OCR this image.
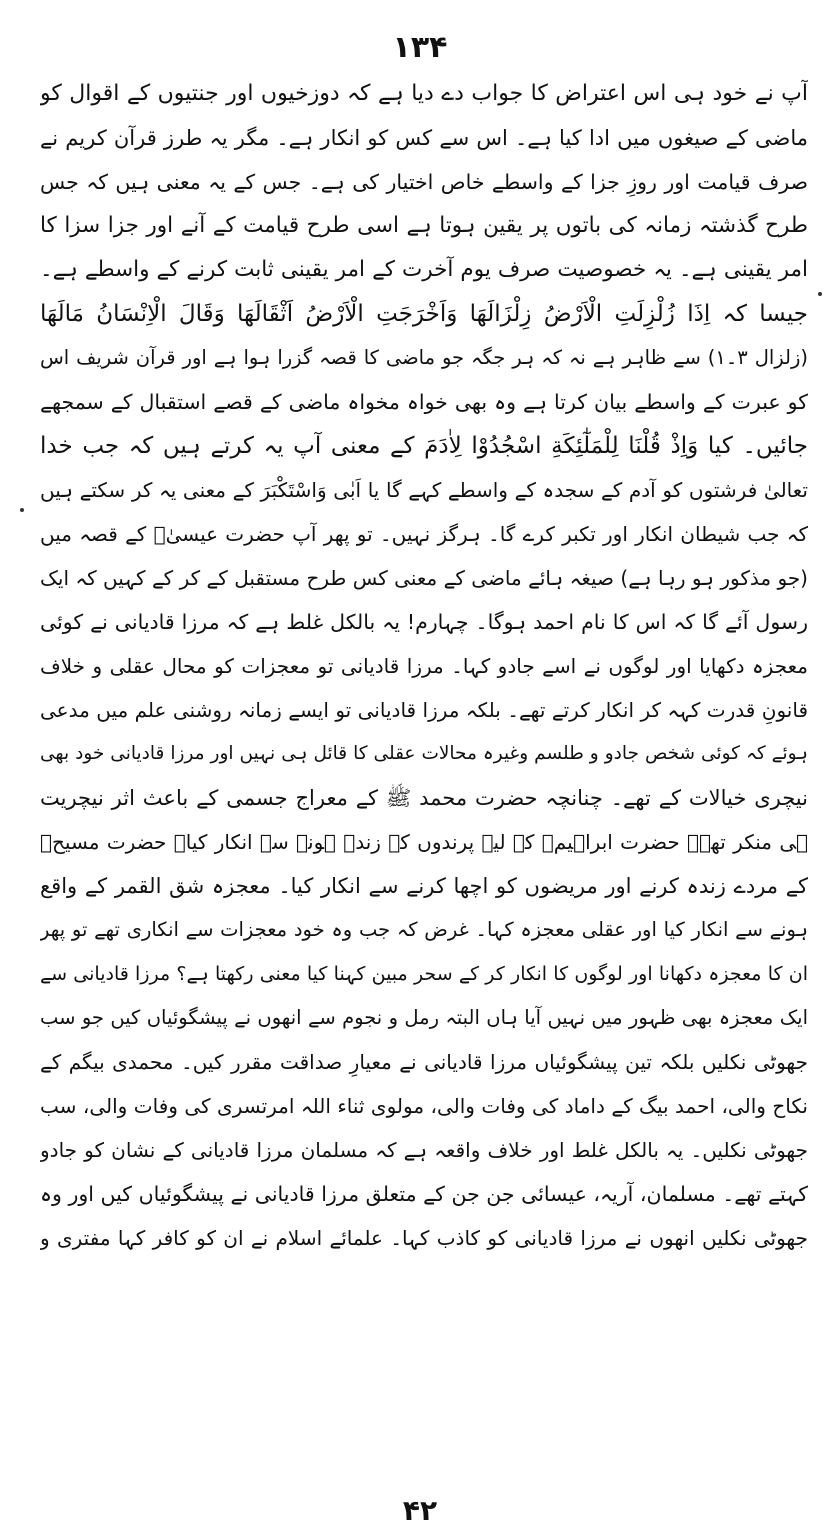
۱۳۴
آپ نے خود ہی اس اعتراض کا جواب دے دیا ہے کہ دوزخیوں اور جنتیوں کے اقوال کو
ماضی کے صیغوں میں ادا کیا ہے۔ اس سے کس کو انکار ہے۔ مگر یہ طرز قرآن کریم نے
صرف قیامت اور روزِ جزا کے واسطے خاص اختیار کی ہے۔ جس کے یہ معنی ہیں کہ جس
طرح گذشتہ زمانہ کی باتوں پر یقین ہوتا ہے اسی طرح قیامت کے آنے اور جزا سزا کا
امر یقینی ہے۔ یہ خصوصیت صرف یوم آخرت کے امر یقینی ثابت کرنے کے واسطے ہے۔
جیسا کہ اِذَا زُلْزِلَتِ الْاَرْضُ زِلْزَالَهَا وَاَخْرَجَتِ الْاَرْضُ اَثْقَالَهَا وَقَالَ الْاِنْسَانُ مَالَهَا
(زلزال ۳۔۱) سے ظاہر ہے نہ کہ ہر جگہ جو ماضی کا قصہ گزرا ہوا ہے اور قرآن شریف اس
کو عبرت کے واسطے بیان کرتا ہے وہ بھی خواہ مخواہ ماضی کے قصے استقبال کے سمجھے
جائیں۔ کیا وَاِذْ قُلْنَا لِلْمَلٰٓئِكَةِ اسْجُدُوْا لِاٰدَمَ کے معنی آپ یہ کرتے ہیں کہ جب خدا
تعالیٰ فرشتوں کو آدم کے سجدہ کے واسطے کہے گا یا اَبٰی وَاسْتَكْبَرَ کے معنی یہ کر سکتے ہیں
کہ جب شیطان انکار اور تکبر کرے گا۔ ہرگز نہیں۔ تو پھر آپ حضرت عیسیٰؑ کے قصہ میں
(جو مذکور ہو رہا ہے) صیغہ ہائے ماضی کے معنی کس طرح مستقبل کے کر کے کہیں کہ ایک
رسول آئے گا کہ اس کا نام احمد ہوگا۔ چہارم! یہ بالکل غلط ہے کہ مرزا قادیانی نے کوئی
معجزہ دکھایا اور لوگوں نے اسے جادو کہا۔ مرزا قادیانی تو معجزات کو محال عقلی و خلاف
قانونِ قدرت کہہ کر انکار کرتے تھے۔ بلکہ مرزا قادیانی تو ایسے زمانہ روشنی علم میں مدعی
ہوئے کہ کوئی شخص جادو و طلسم وغیرہ محالات عقلی کا قائل ہی نہیں اور مرزا قادیانی خود بھی
نیچری خیالات کے تھے۔ چنانچہ حضرت محمد ﷺ کے معراج جسمی کے باعث اثر نیچریت
ہی منکر تھے۔ حضرت ابراہیمؑ کے لیے پرندوں کے زندہ ہونے سے انکار کیا۔ حضرت مسیحؑ
کے مردے زندہ کرنے اور مریضوں کو اچھا کرنے سے انکار کیا۔ معجزہ شق القمر کے واقع
ہونے سے انکار کیا اور عقلی معجزہ کہا۔ غرض کہ جب وہ خود معجزات سے انکاری تھے تو پھر
ان کا معجزہ دکھانا اور لوگوں کا انکار کر کے سحر مبین کہنا کیا معنی رکھتا ہے؟ مرزا قادیانی سے
ایک معجزہ بھی ظہور میں نہیں آیا ہاں البتہ رمل و نجوم سے انھوں نے پیشگوئیاں کیں جو سب
جھوٹی نکلیں بلکہ تین پیشگوئیاں مرزا قادیانی نے معیارِ صداقت مقرر کیں۔ محمدی بیگم کے
نکاح والی، احمد بیگ کے داماد کی وفات والی، مولوی ثناء اللہ امرتسری کی وفات والی، سب
جھوٹی نکلیں۔ یہ بالکل غلط اور خلاف واقعہ ہے کہ مسلمان مرزا قادیانی کے نشان کو جادو
کہتے تھے۔ مسلمان، آریہ، عیسائی جن جن کے متعلق مرزا قادیانی نے پیشگوئیاں کیں اور وہ
جھوٹی نکلیں انھوں نے مرزا قادیانی کو کاذب کہا۔ علمائے اسلام نے ان کو کافر کہا مفتری و
۴۲
